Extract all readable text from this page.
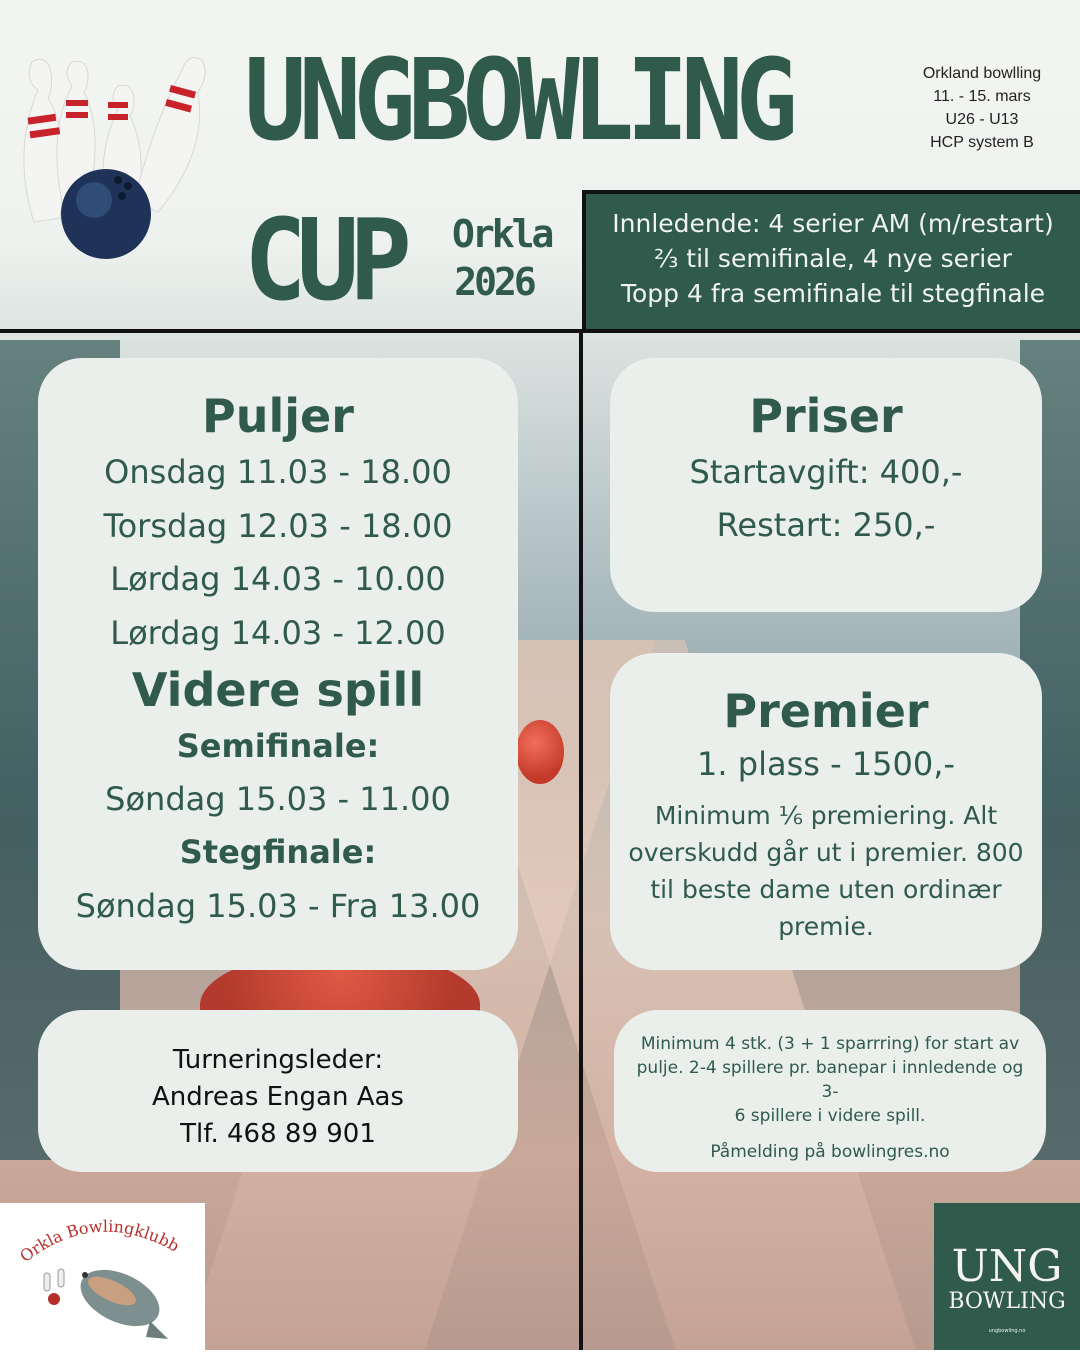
UNGBOWLING
CUP Orkla
2026
Orkland bowlling
11. - 15. mars
U26 - U13
HCP system B
Innledende: 4 serier AM (m/restart)
⅔ til semifinale, 4 nye serier
Topp 4 fra semifinale til stegfinale
Puljer
Onsdag 11.03 - 18.00
Torsdag 12.03 - 18.00
Lørdag 14.03 - 10.00
Lørdag 14.03 - 12.00
Videre spill
Semifinale:
Søndag 15.03 - 11.00
Stegfinale:
Søndag 15.03 - Fra 13.00
Priser
Startavgift: 400,-
Restart: 250,-
Premier
1. plass - 1500,-
Minimum ⅙ premiering. Alt
overskudd går ut i premier. 800
til beste dame uten ordinær
premie.
Turneringsleder:
Andreas Engan Aas
Tlf. 468 89 901
Minimum 4 stk. (3 + 1 sparrring) for start av
pulje. 2-4 spillere pr. banepar i innledende og 3-
6 spillere i videre spill.
Påmelding på bowlingres.no
Orkla Bowlingklubb	UNG
BOWLING
ungbowling.no
